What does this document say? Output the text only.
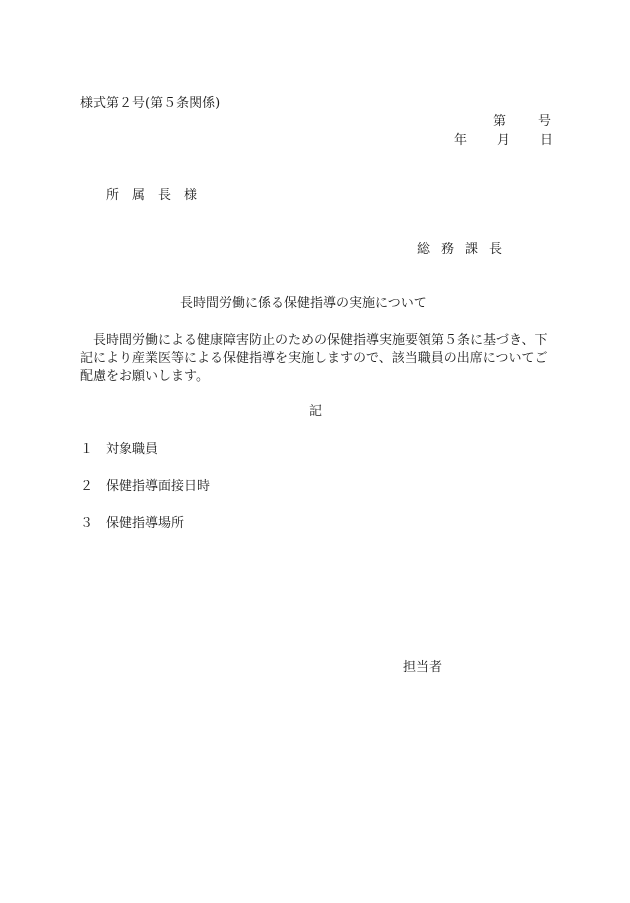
様式第２号(第５条関係)
第 号
年 月 日
所属長様
総務課長
長時間労働に係る保健指導の実施について
長時間労働による健康障害防止のための保健指導実施要領第５条に基づき、下記により産業医等による保健指導を実施しますので、該当職員の出席についてご配慮をお願いします。
記
１ 対象職員
２ 保健指導面接日時
３ 保健指導場所
担当者
